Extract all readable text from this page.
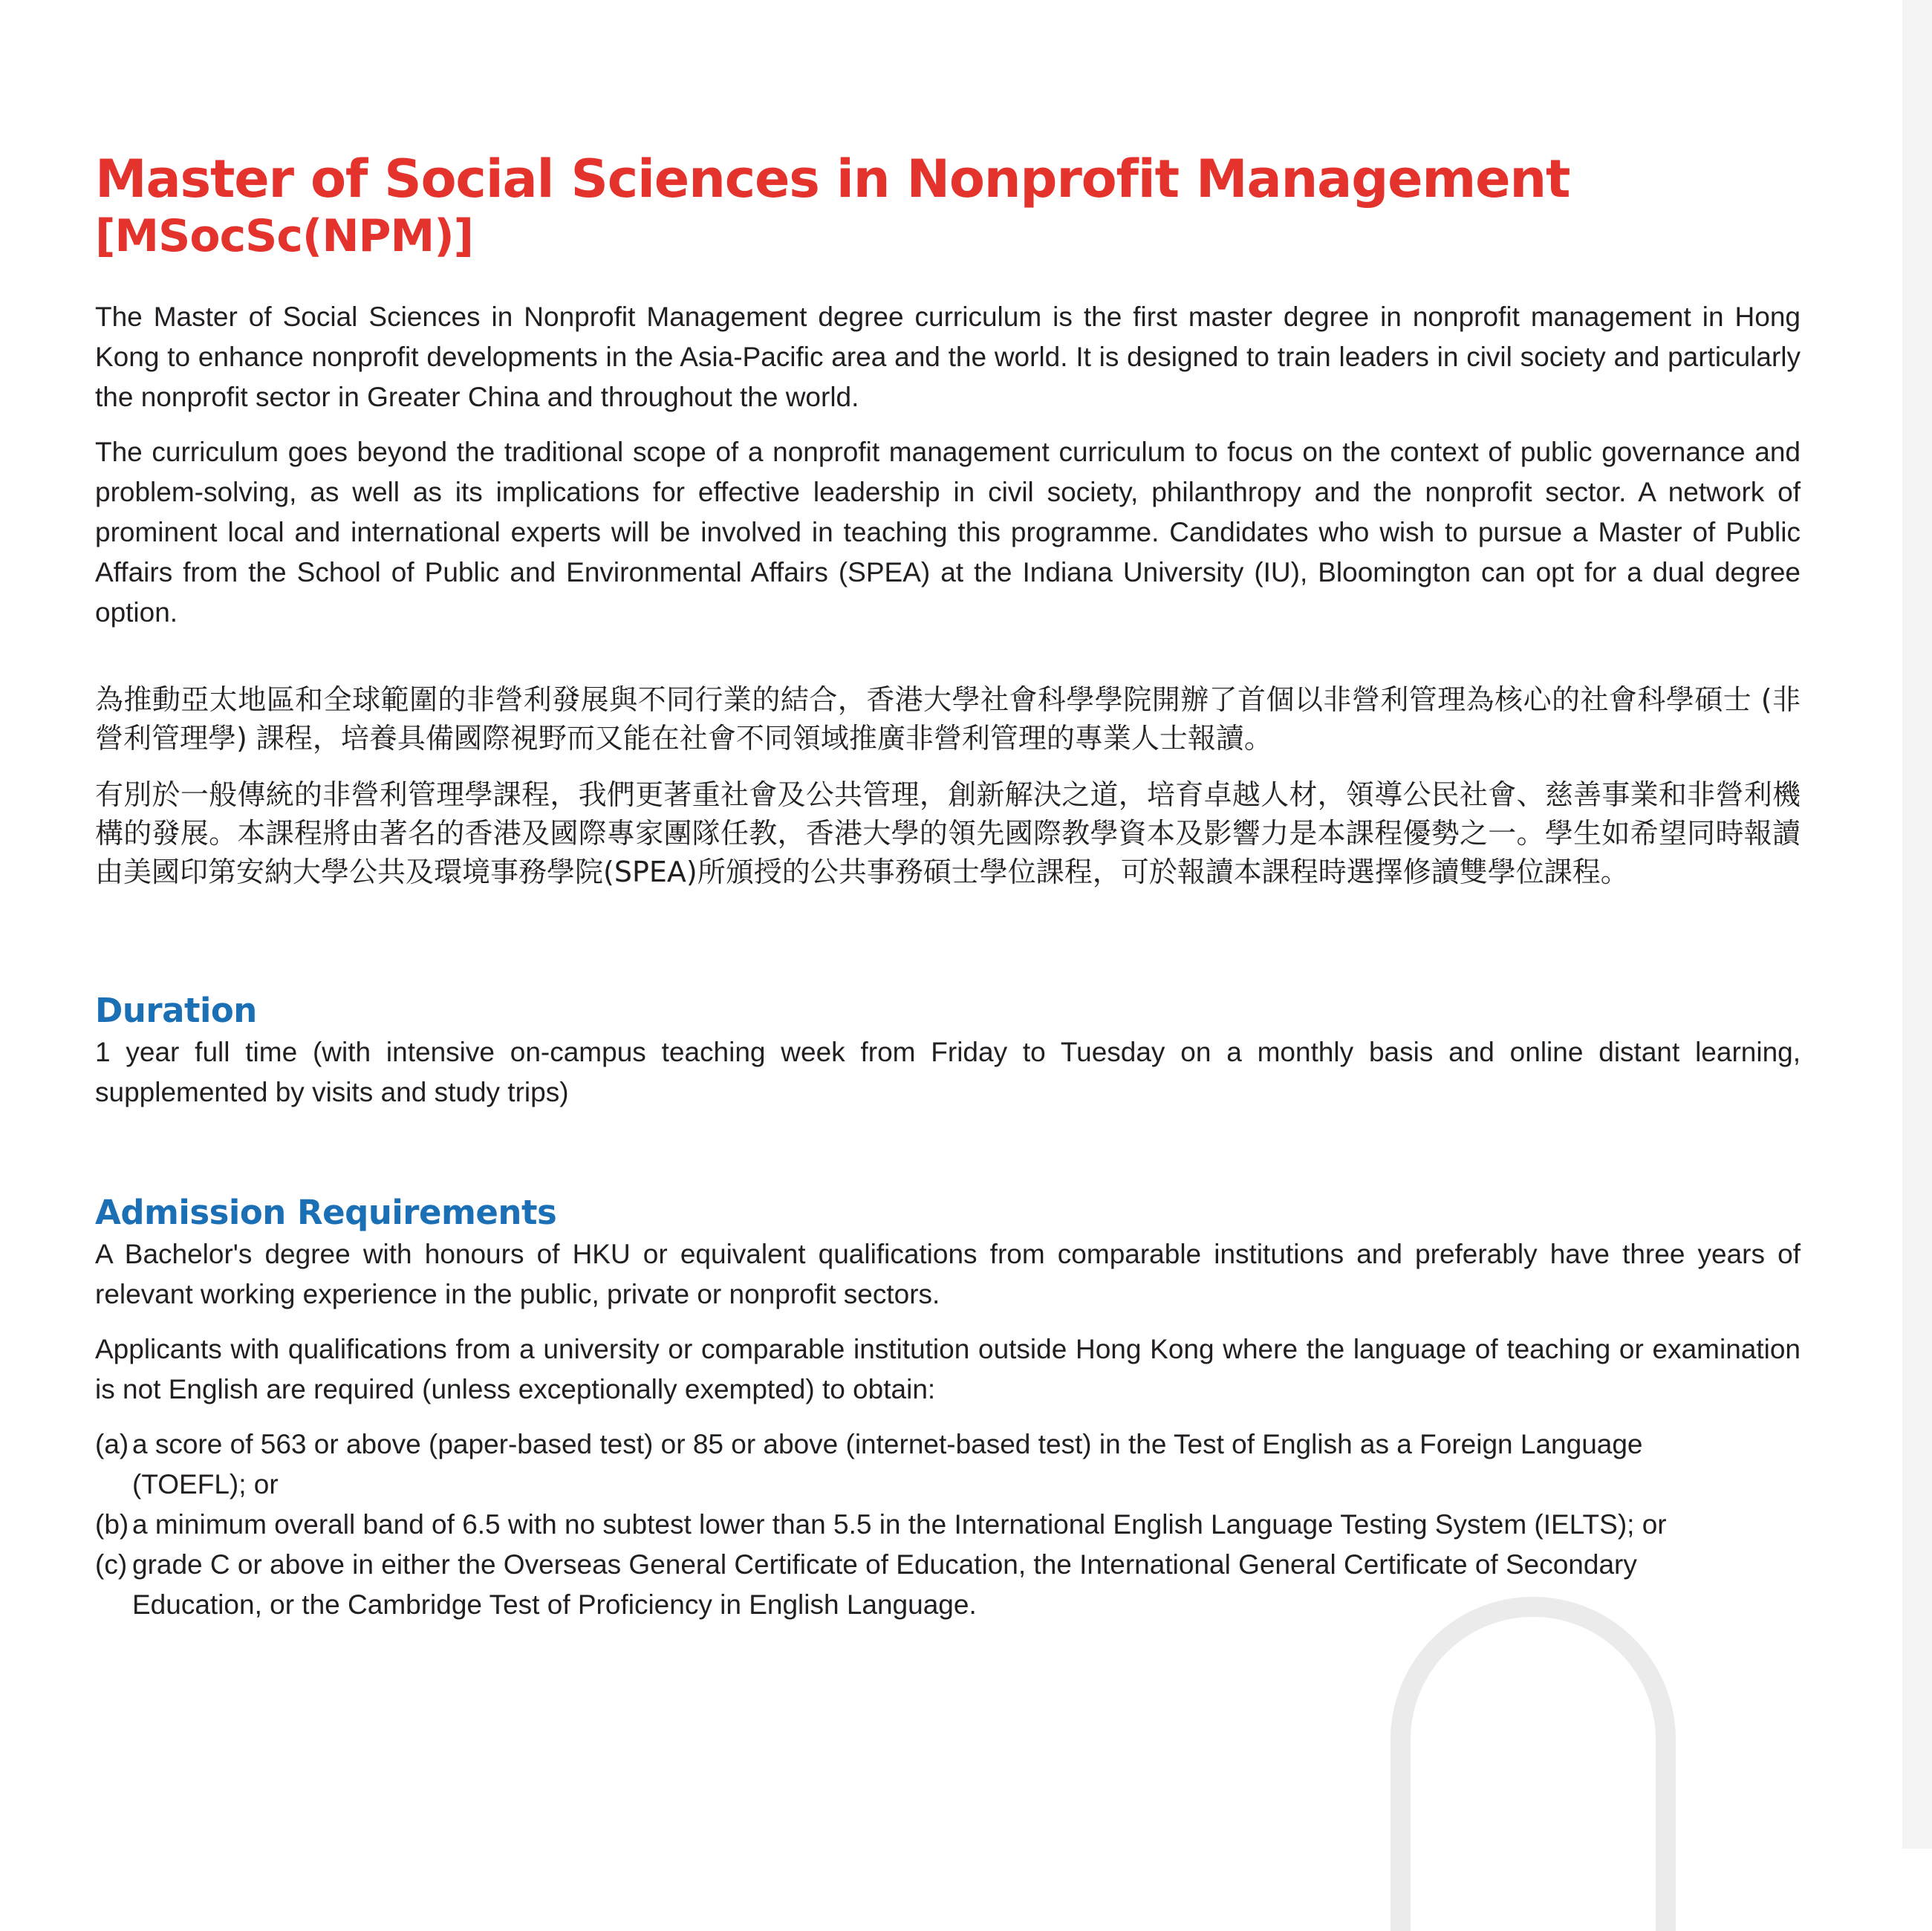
Master of Social Sciences in Nonprofit Management
[MSocSc(NPM)]

The Master of Social Sciences in Nonprofit Management degree curriculum is the first master degree in nonprofit management in Hong Kong to enhance nonprofit developments in the Asia-Pacific area and the world. It is designed to train leaders in civil society and particularly the nonprofit sector in Greater China and throughout the world.

The curriculum goes beyond the traditional scope of a nonprofit management curriculum to focus on the context of public governance and problem-solving, as well as its implications for effective leadership in civil society, philanthropy and the nonprofit sector. A network of prominent local and international experts will be involved in teaching this programme. Candidates who wish to pursue a Master of Public Affairs from the School of Public and Environmental Affairs (SPEA) at the Indiana University (IU), Bloomington can opt for a dual degree option.

為推動亞太地區和全球範圍的非營利發展與不同行業的結合，香港大學社會科學學院開辦了首個以非營利管理為核心的社會科學碩士 (非營利管理學) 課程，培養具備國際視野而又能在社會不同領域推廣非營利管理的專業人士報讀。

有別於一般傳統的非營利管理學課程，我們更著重社會及公共管理，創新解決之道，培育卓越人材，領導公民社會、慈善事業和非營利機構的發展。本課程將由著名的香港及國際專家團隊任教，香港大學的領先國際教學資本及影響力是本課程優勢之一。學生如希望同時報讀由美國印第安納大學公共及環境事務學院(SPEA)所頒授的公共事務碩士學位課程，可於報讀本課程時選擇修讀雙學位課程。

Duration

1 year full time (with intensive on-campus teaching week from Friday to Tuesday on a monthly basis and online distant learning, supplemented by visits and study trips)

Admission Requirements

A Bachelor's degree with honours of HKU or equivalent qualifications from comparable institutions and preferably have three years of relevant working experience in the public, private or nonprofit sectors.

Applicants with qualifications from a university or comparable institution outside Hong Kong where the language of teaching or examination is not English are required (unless exceptionally exempted) to obtain:

(a) a score of 563 or above (paper-based test) or 85 or above (internet-based test) in the Test of English as a Foreign Language (TOEFL); or
(b) a minimum overall band of 6.5 with no subtest lower than 5.5 in the International English Language Testing System (IELTS); or
(c) grade C or above in either the Overseas General Certificate of Education, the International General Certificate of Secondary Education, or the Cambridge Test of Proficiency in English Language.
